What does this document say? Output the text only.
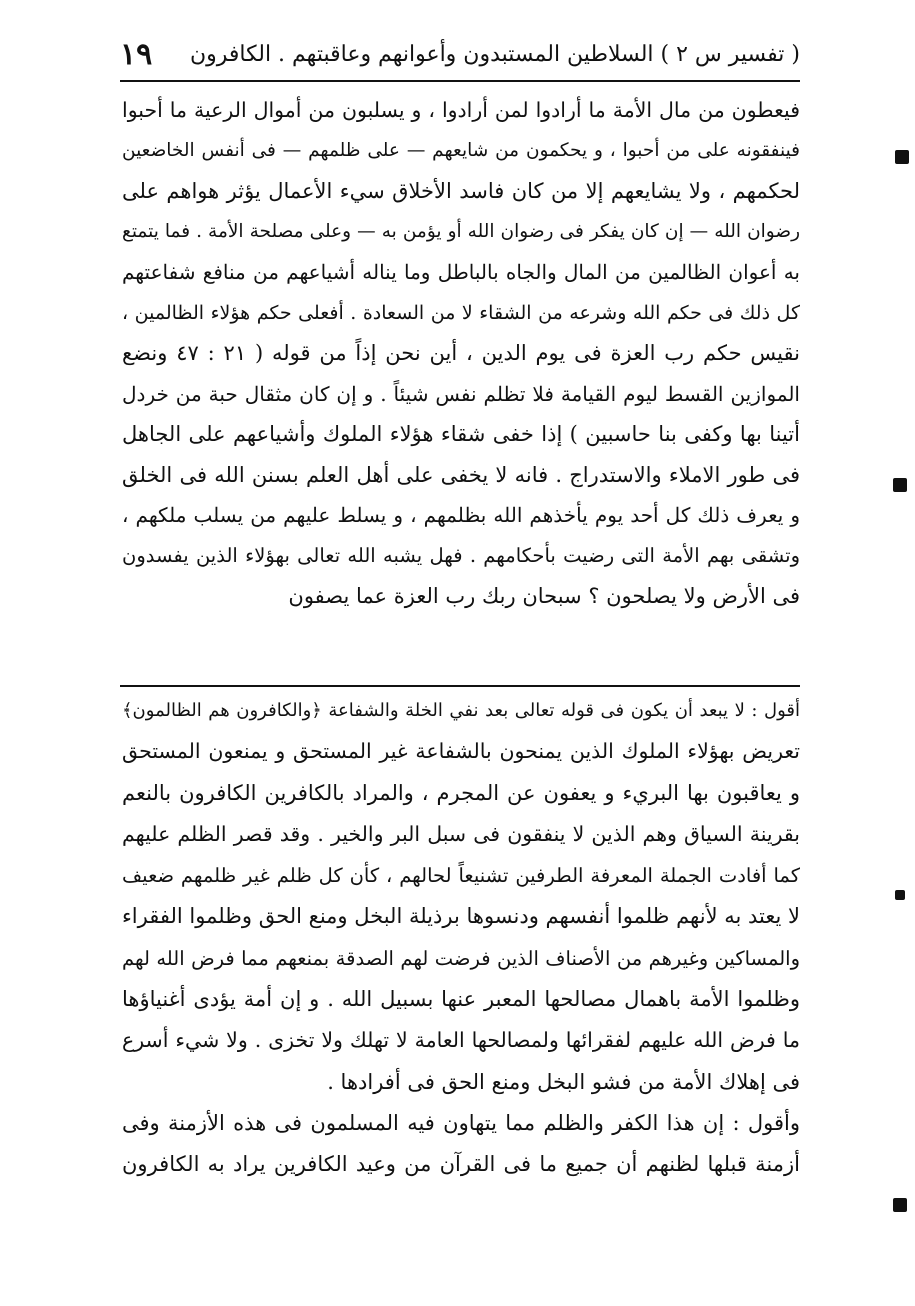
( تفسير س ٢ ) السلاطين المستبدون وأعوانهم وعاقبتهم . الكافرون
١٩
فيعطون من مال الأمة ما أرادوا لمن أرادوا ، و يسلبون من أموال الرعية ما أحبوا
فينفقونه على من أحبوا ، و يحكمون من شايعهم — على ظلمهم — فى أنفس الخاضعين
لحكمهم ، ولا يشايعهم إلا من كان فاسد الأخلاق سيء الأعمال يؤثر هواهم على
رضوان الله — إن كان يفكر فى رضوان الله أو يؤمن به — وعلى مصلحة الأمة . فما يتمتع
به أعوان الظالمين من المال والجاه بالباطل وما يناله أشياعهم من منافع شفاعتهم
كل ذلك فى حكم الله وشرعه من الشقاء لا من السعادة . أفعلى حكم هؤلاء الظالمين ،
نقيس حكم رب العزة فى يوم الدين ، أين نحن إذاً من قوله ( ٢١ : ٤٧ ونضع
الموازين القسط ليوم القيامة فلا تظلم نفس شيئاً . و إن كان مثقال حبة من خردل
أتينا بها وكفى بنا حاسبين ) إذا خفى شقاء هؤلاء الملوك وأشياعهم على الجاهل
فى طور الاملاء والاستدراج . فانه لا يخفى على أهل العلم بسنن الله فى الخلق
و يعرف ذلك كل أحد يوم يأخذهم الله بظلمهم ، و يسلط عليهم من يسلب ملكهم ،
وتشقى بهم الأمة التى رضيت بأحكامهم . فهل يشبه الله تعالى بهؤلاء الذين يفسدون
فى الأرض ولا يصلحون ؟ سبحان ربك رب العزة عما يصفون
أقول : لا يبعد أن يكون فى قوله تعالى بعد نفي الخلة والشفاعة ﴿والكافرون هم الظالمون﴾
تعريض بهؤلاء الملوك الذين يمنحون بالشفاعة غير المستحق و يمنعون المستحق
و يعاقبون بها البريء و يعفون عن المجرم ، والمراد بالكافرين الكافرون بالنعم
بقرينة السياق وهم الذين لا ينفقون فى سبل البر والخير . وقد قصر الظلم عليهم
كما أفادت الجملة المعرفة الطرفين تشنيعاً لحالهم ، كأن كل ظلم غير ظلمهم ضعيف
لا يعتد به لأنهم ظلموا أنفسهم ودنسوها برذيلة البخل ومنع الحق وظلموا الفقراء
والمساكين وغيرهم من الأصناف الذين فرضت لهم الصدقة بمنعهم مما فرض الله لهم
وظلموا الأمة باهمال مصالحها المعبر عنها بسبيل الله . و إن أمة يؤدى أغنياؤها
ما فرض الله عليهم لفقرائها ولمصالحها العامة لا تهلك ولا تخزى . ولا شيء أسرع
فى إهلاك الأمة من فشو البخل ومنع الحق فى أفرادها .
وأقول : إن هذا الكفر والظلم مما يتهاون فيه المسلمون فى هذه الأزمنة وفى
أزمنة قبلها لظنهم أن جميع ما فى القرآن من وعيد الكافرين يراد به الكافرون
